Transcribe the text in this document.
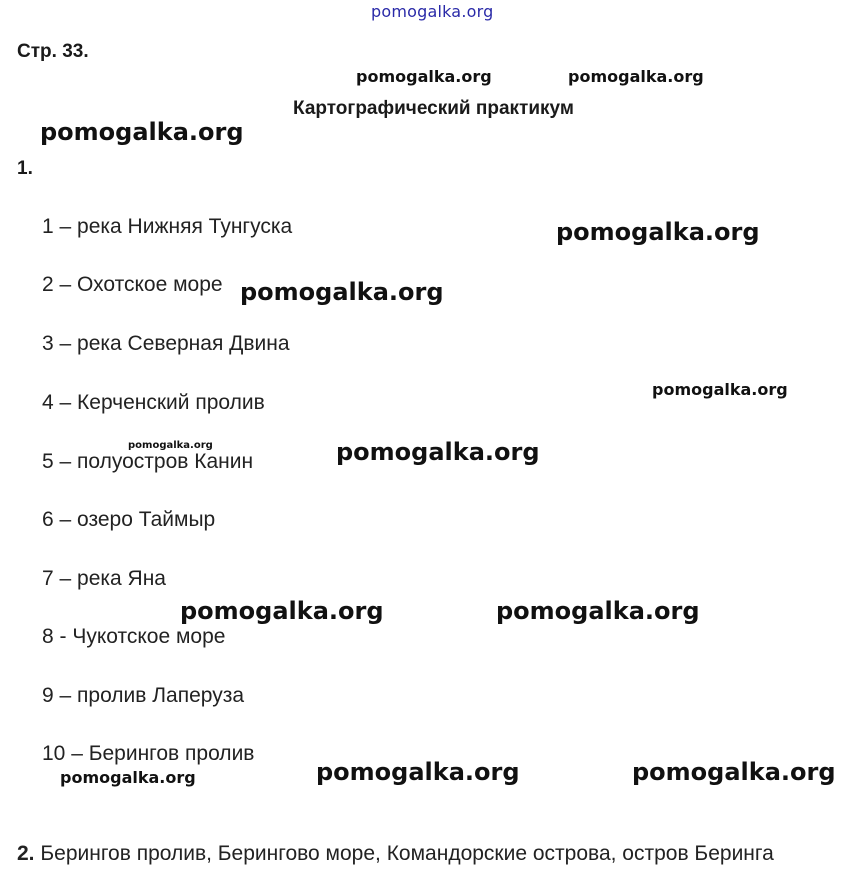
pomogalka.org
Стр. 33.
pomogalka.org	pomogalka.org
Картографический практикум
pomogalka.org
1.
1 – река Нижняя Тунгуска
2 – Охотское море
3 – река Северная Двина
4 – Керченский пролив
5 – полуостров Канин
6 – озеро Таймыр
7 – река Яна
8 - Чукотское море
9 – пролив Лаперуза
10 – Берингов пролив
pomogalka.org
pomogalka.org
pomogalka.org
pomogalka.org	pomogalka.org
pomogalka.org	pomogalka.org
pomogalka.org	pomogalka.org	pomogalka.org
2. Берингов пролив, Берингово море, Командорские острова, остров Беринга
